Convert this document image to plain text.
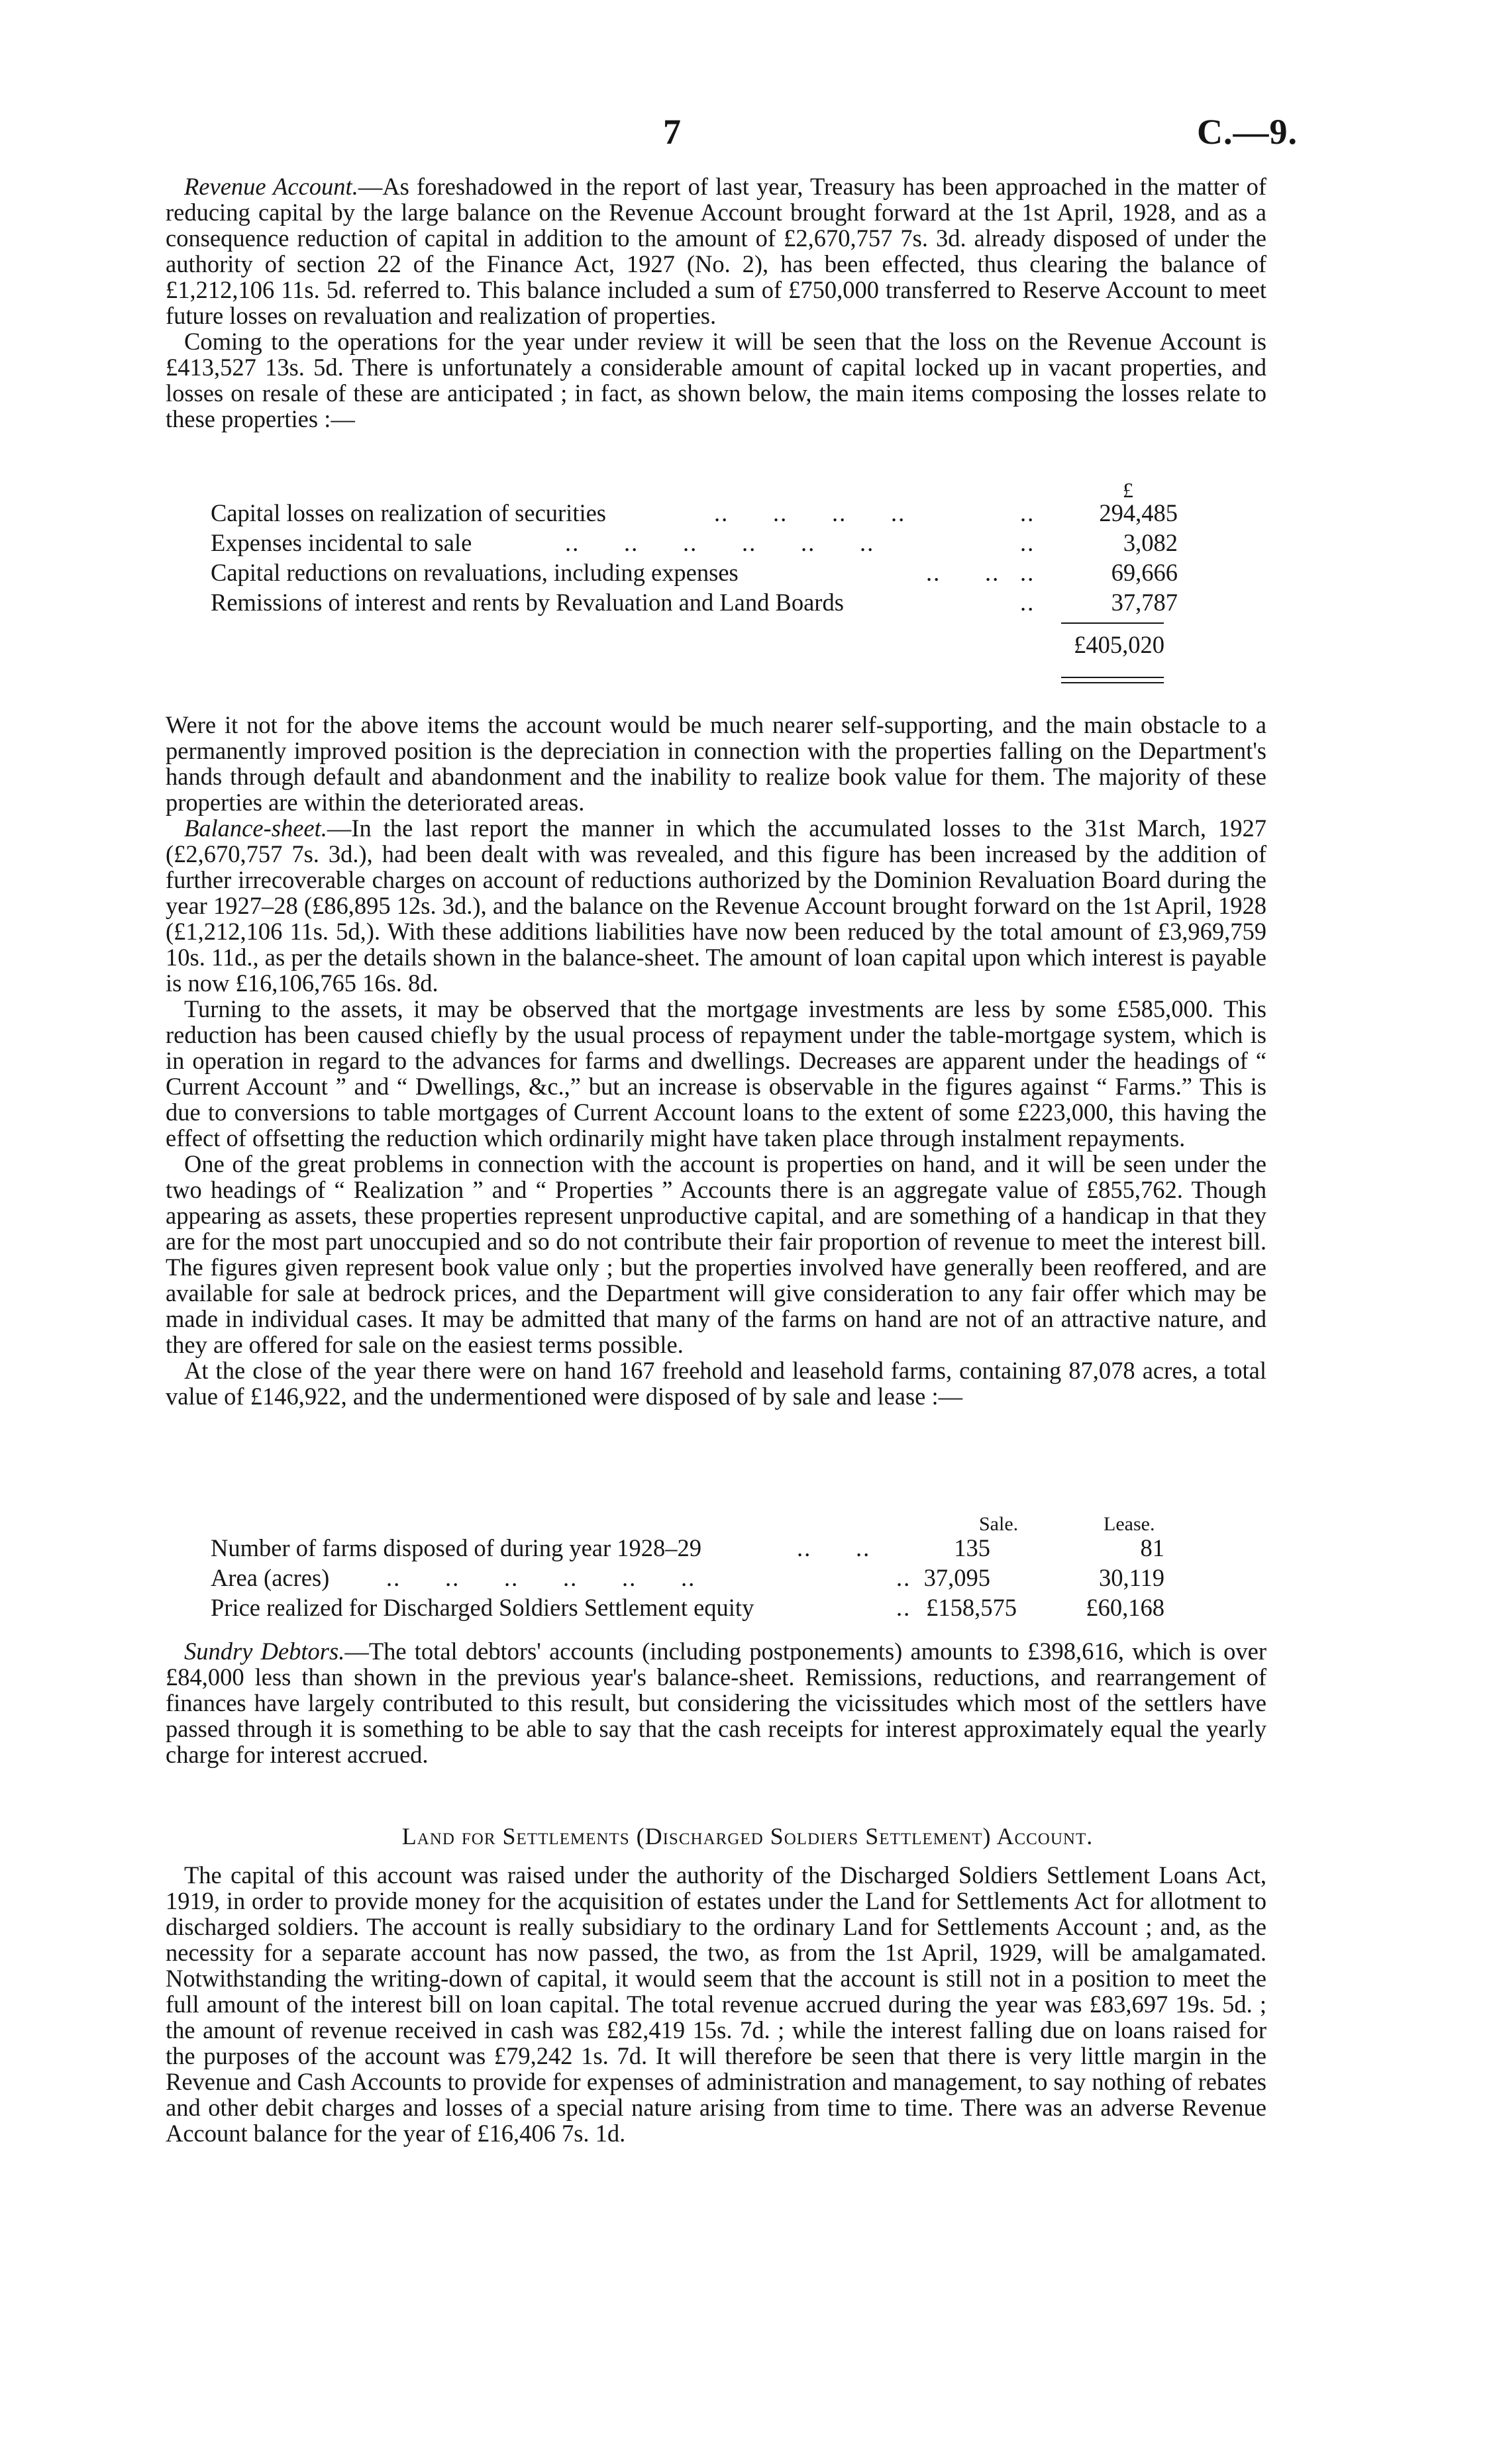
7	C.—9.

Revenue Account.—As foreshadowed in the report of last year, Treasury has been approached in the matter of reducing capital by the large balance on the Revenue Account brought forward at the 1st April, 1928, and as a consequence reduction of capital in addition to the amount of £2,670,757 7s. 3d. already disposed of under the authority of section 22 of the Finance Act, 1927 (No. 2), has been effected, thus clearing the balance of £1,212,106 11s. 5d. referred to. This balance included a sum of £750,000 transferred to Reserve Account to meet future losses on revaluation and realization of properties.

Coming to the operations for the year under review it will be seen that the loss on the Revenue Account is £413,527 13s. 5d. There is unfortunately a considerable amount of capital locked up in vacant properties, and losses on resale of these are anticipated ; in fact, as shown below, the main items composing the losses relate to these properties :—

£
Capital losses on realization of securities	..      ..      ..      ..	..	294,485
Expenses incidental to sale	..      ..      ..      ..      ..      ..	..	3,082
Capital reductions on revaluations, including expenses	..      .. ..	69,666
Remissions of interest and rents by Revaluation and Land Boards	..	37,787
£405,020

Were it not for the above items the account would be much nearer self-supporting, and the main obstacle to a permanently improved position is the depreciation in connection with the properties falling on the Department's hands through default and abandonment and the inability to realize book value for them. The majority of these properties are within the deteriorated areas.

Balance-sheet.—In the last report the manner in which the accumulated losses to the 31st March, 1927 (£2,670,757 7s. 3d.), had been dealt with was revealed, and this figure has been increased by the addition of further irrecoverable charges on account of reductions authorized by the Dominion Revaluation Board during the year 1927–28 (£86,895 12s. 3d.), and the balance on the Revenue Account brought forward on the 1st April, 1928 (£1,212,106 11s. 5d,). With these additions liabilities have now been reduced by the total amount of £3,969,759 10s. 11d., as per the details shown in the balance-sheet. The amount of loan capital upon which interest is payable is now £16,106,765 16s. 8d.

Turning to the assets, it may be observed that the mortgage investments are less by some £585,000. This reduction has been caused chiefly by the usual process of repayment under the table-mortgage system, which is in operation in regard to the advances for farms and dwellings. Decreases are apparent under the headings of “ Current Account ” and “ Dwellings, &c.,” but an increase is observable in the figures against “ Farms.” This is due to conversions to table mortgages of Current Account loans to the extent of some £223,000, this having the effect of offsetting the reduction which ordinarily might have taken place through instalment repayments.

One of the great problems in connection with the account is properties on hand, and it will be seen under the two headings of “ Realization ” and “ Properties ” Accounts there is an aggregate value of £855,762. Though appearing as assets, these properties represent unproductive capital, and are something of a handicap in that they are for the most part unoccupied and so do not contribute their fair proportion of revenue to meet the interest bill. The figures given represent book value only ; but the properties involved have generally been reoffered, and are available for sale at bedrock prices, and the Department will give consideration to any fair offer which may be made in individual cases. It may be admitted that many of the farms on hand are not of an attractive nature, and they are offered for sale on the easiest terms possible.

At the close of the year there were on hand 167 freehold and leasehold farms, containing 87,078 acres, a total value of £146,922, and the undermentioned were disposed of by sale and lease :—

Sale.	Lease.
Number of farms disposed of during year 1928–29	..      ..	135	81
Area (acres) ..      ..      ..      ..      ..      ..	.. 37,095	30,119
Price realized for Discharged Soldiers Settlement equity	.. £158,575	£60,168

Sundry Debtors.—The total debtors' accounts (including postponements) amounts to £398,616, which is over £84,000 less than shown in the previous year's balance-sheet. Remissions, reductions, and rearrangement of finances have largely contributed to this result, but considering the vicissitudes which most of the settlers have passed through it is something to be able to say that the cash receipts for interest approximately equal the yearly charge for interest accrued.

Land for Settlements (Discharged Soldiers Settlement) Account.

The capital of this account was raised under the authority of the Discharged Soldiers Settlement Loans Act, 1919, in order to provide money for the acquisition of estates under the Land for Settlements Act for allotment to discharged soldiers. The account is really subsidiary to the ordinary Land for Settlements Account ; and, as the necessity for a separate account has now passed, the two, as from the 1st April, 1929, will be amalgamated. Notwithstanding the writing-down of capital, it would seem that the account is still not in a position to meet the full amount of the interest bill on loan capital. The total revenue accrued during the year was £83,697 19s. 5d. ; the amount of revenue received in cash was £82,419 15s. 7d. ; while the interest falling due on loans raised for the purposes of the account was £79,242 1s. 7d. It will therefore be seen that there is very little margin in the Revenue and Cash Accounts to provide for expenses of administration and management, to say nothing of rebates and other debit charges and losses of a special nature arising from time to time. There was an adverse Revenue Account balance for the year of £16,406 7s. 1d.
